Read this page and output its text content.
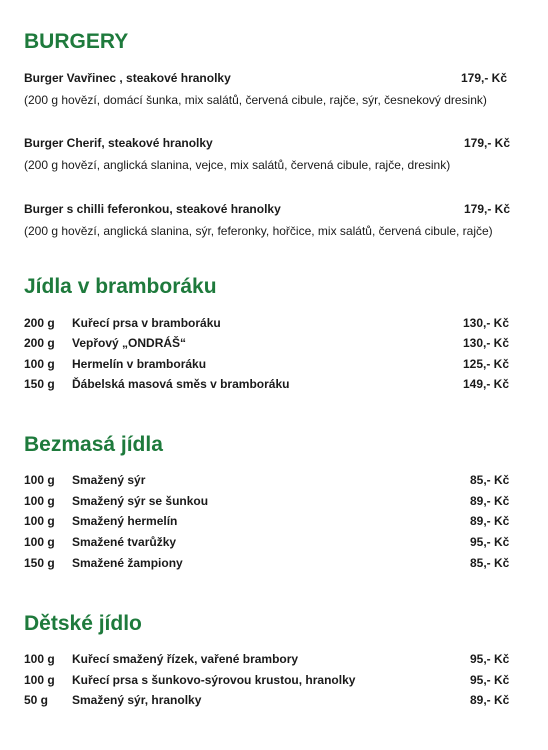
BURGERY
Burger Vavřinec , steakové hranolky	179,- Kč
(200 g hovězí, domácí šunka, mix salátů, červená cibule, rajče, sýr, česnekový dresink)
Burger Cherif, steakové hranolky	179,- Kč
(200 g hovězí, anglická slanina, vejce, mix salátů, červená cibule, rajče, dresink)
Burger s chilli feferonkou, steakové hranolky	179,- Kč
(200 g hovězí, anglická slanina, sýr, feferonky, hořčice, mix salátů, červená cibule, rajče)
Jídla v bramboráku
200 g Kuřecí prsa v bramboráku	130,- Kč
200 g Vepřový „ONDRÁŠ“	130,- Kč
100 g Hermelín v bramboráku	125,- Kč
150 g Ďábelská masová směs v bramboráku	149,- Kč
Bezmasá jídla
100 g Smažený sýr	85,- Kč
100 g Smažený sýr se šunkou	89,- Kč
100 g Smažený hermelín	89,- Kč
100 g Smažené tvarůžky	95,- Kč
150 g Smažené žampiony	85,- Kč
Dětské jídlo
100 g Kuřecí smažený řízek, vařené brambory	95,- Kč
100 g Kuřecí prsa s šunkovo-sýrovou krustou, hranolky	95,- Kč
50 g Smažený sýr, hranolky	89,- Kč
